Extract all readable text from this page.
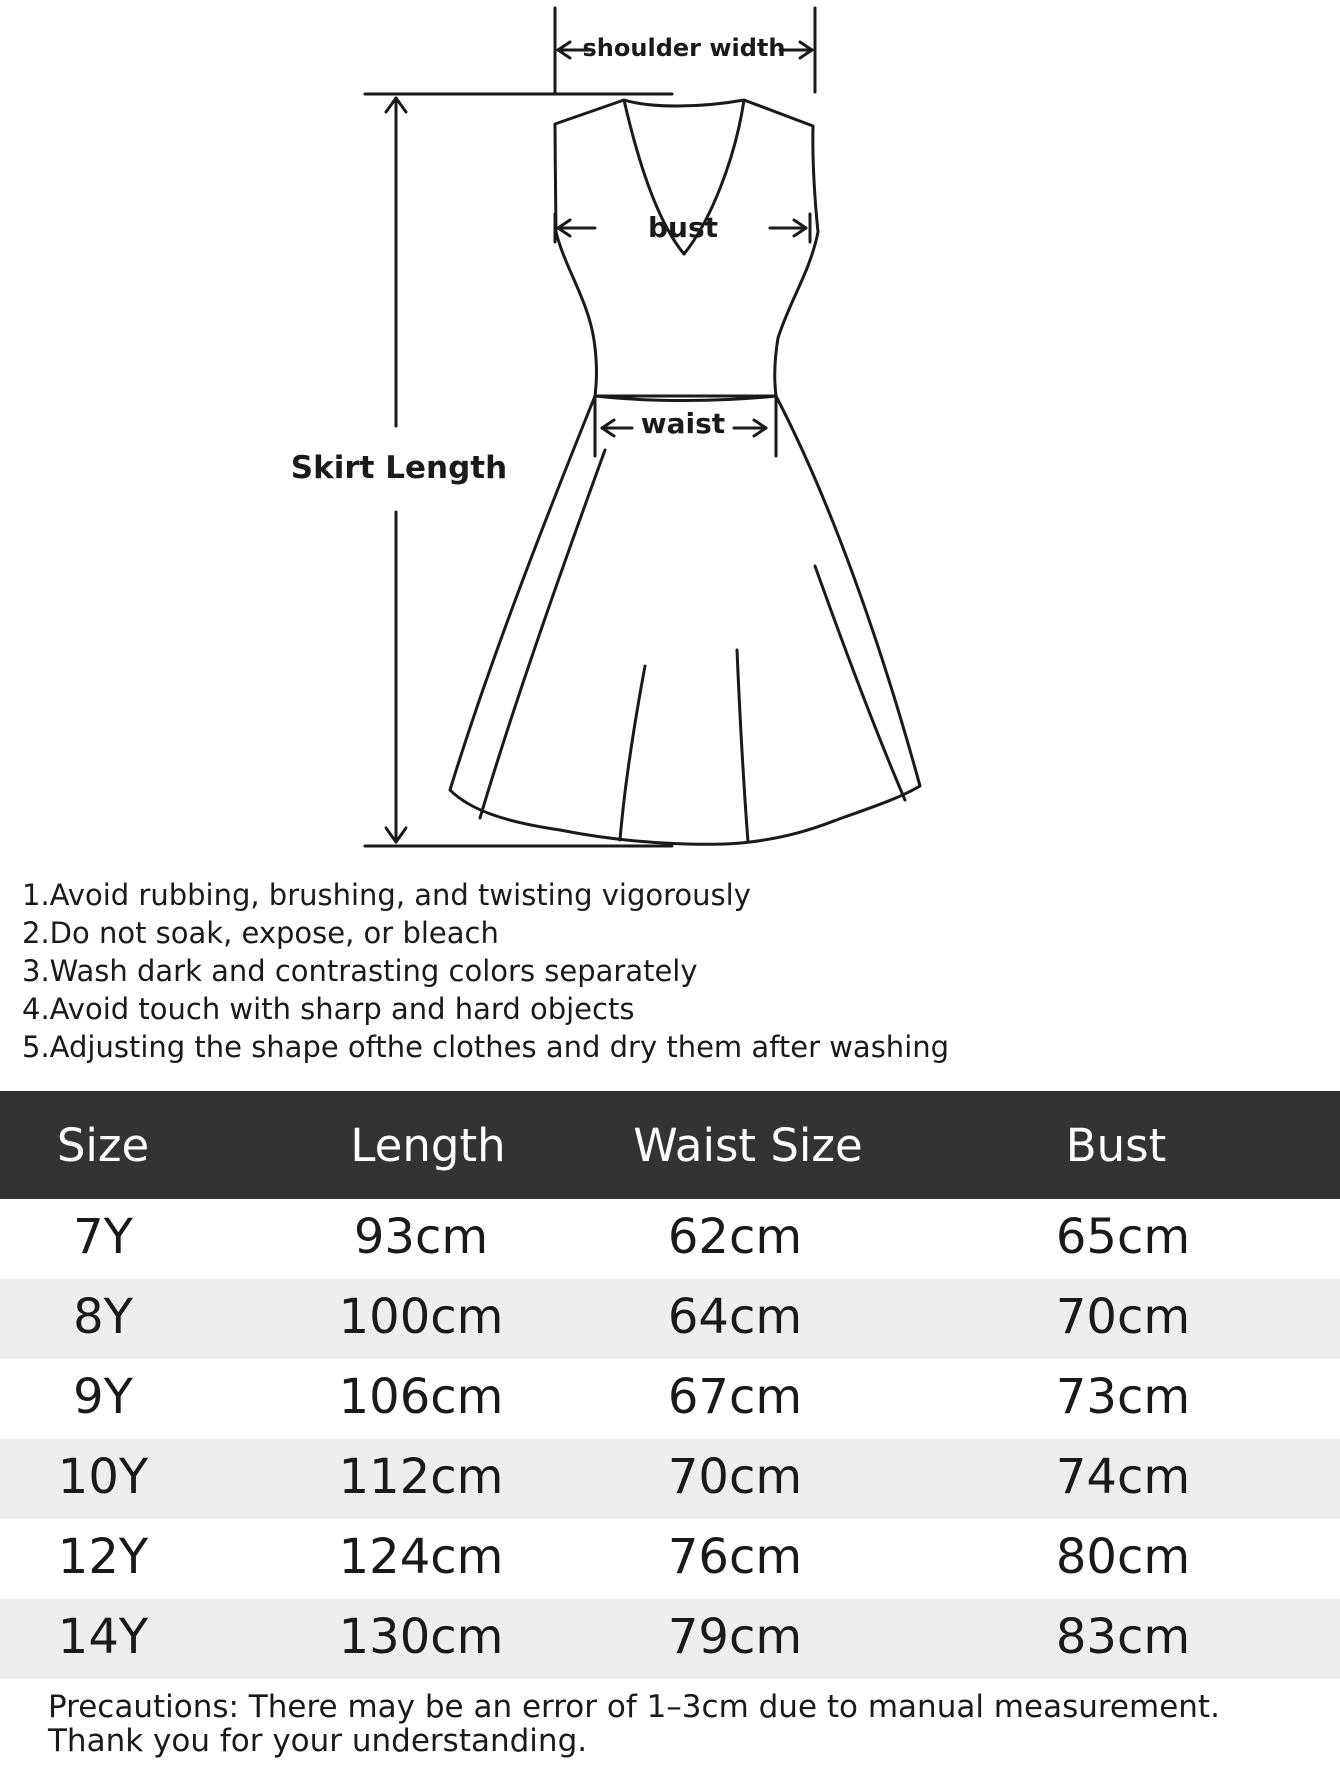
shoulder width
bust
waist
Skirt Length
1.Avoid rubbing, brushing, and twisting vigorously
2.Do not soak, expose, or bleach
3.Wash dark and contrasting colors separately
4.Avoid touch with sharp and hard objects
5.Adjusting the shape ofthe clothes and dry them after washing
Size	Length	Waist Size	Bust
7Y	93cm	62cm	65cm
8Y	100cm	64cm	70cm
9Y	106cm	67cm	73cm
10Y	112cm	70cm	74cm
12Y	124cm	76cm	80cm
14Y	130cm	79cm	83cm
Precautions: There may be an error of 1–3cm due to manual measurement. Thank you for your understanding.
